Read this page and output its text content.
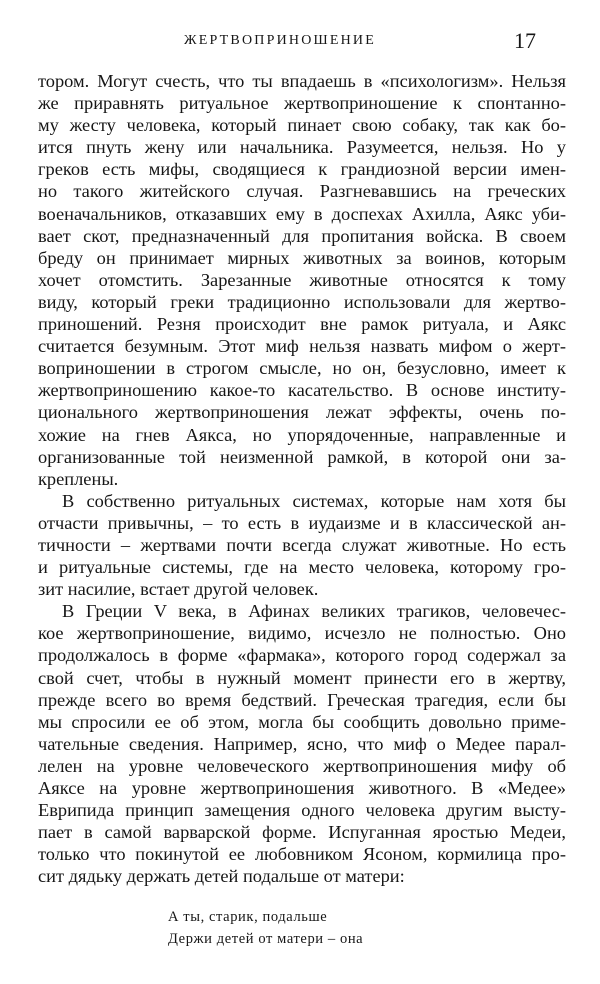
ЖЕРТВОПРИНОШЕНИЕ	17
тором. Могут счесть, что ты впадаешь в «психологизм». Нельзя
же приравнять ритуальное жертвоприношение к спонтанно-
му жесту человека, который пинает свою собаку, так как бо-
ится пнуть жену или начальника. Разумеется, нельзя. Но у
греков есть мифы, сводящиеся к грандиозной версии имен-
но такого житейского случая. Разгневавшись на греческих
военачальников, отказавших ему в доспехах Ахилла, Аякс уби-
вает скот, предназначенный для пропитания войска. В своем
бреду он принимает мирных животных за воинов, которым
хочет отомстить. Зарезанные животные относятся к тому
виду, который греки традиционно использовали для жертво-
приношений. Резня происходит вне рамок ритуала, и Аякс
считается безумным. Этот миф нельзя назвать мифом о жерт-
воприношении в строгом смысле, но он, безусловно, имеет к
жертвоприношению какое-то касательство. В основе институ-
ционального жертвоприношения лежат эффекты, очень по-
хожие на гнев Аякса, но упорядоченные, направленные и
организованные той неизменной рамкой, в которой они за-
креплены.
В собственно ритуальных системах, которые нам хотя бы
отчасти привычны, – то есть в иудаизме и в классической ан-
тичности – жертвами почти всегда служат животные. Но есть
и ритуальные системы, где на место человека, которому гро-
зит насилие, встает другой человек.
В Греции V века, в Афинах великих трагиков, человечес-
кое жертвоприношение, видимо, исчезло не полностью. Оно
продолжалось в форме «фармака», которого город содержал за
свой счет, чтобы в нужный момент принести его в жертву,
прежде всего во время бедствий. Греческая трагедия, если бы
мы спросили ее об этом, могла бы сообщить довольно приме-
чательные сведения. Например, ясно, что миф о Медее парал-
лелен на уровне человеческого жертвоприношения мифу об
Аяксе на уровне жертвоприношения животного. В «Медее»
Еврипида принцип замещения одного человека другим высту-
пает в самой варварской форме. Испуганная яростью Медеи,
только что покинутой ее любовником Ясоном, кормилица про-
сит дядьку держать детей подальше от матери:
А ты, старик, подальше
Держи детей от матери – она
